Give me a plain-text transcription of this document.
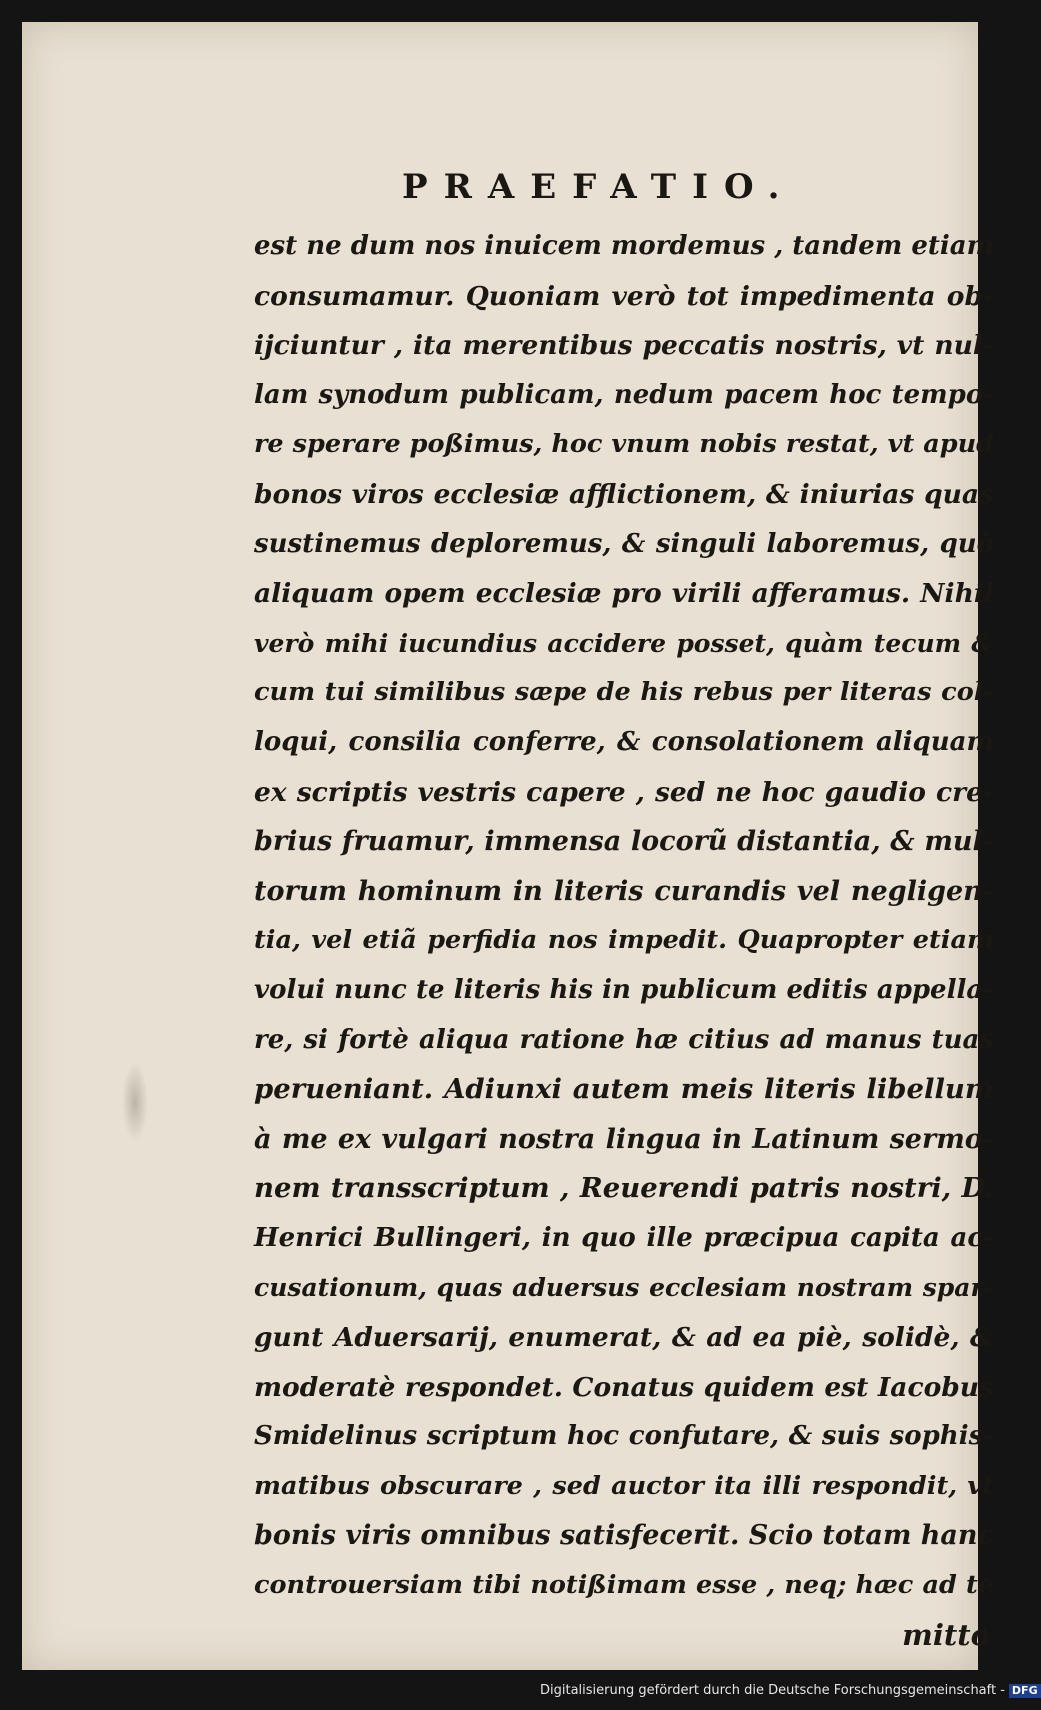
PRAEFATIO.
est ne dum nos inuicem mordemus , tandem etiam
consumamur. Quoniam verò tot impedimenta ob-
ijciuntur , ita merentibus peccatis nostris, vt nul-
lam synodum publicam, nedum pacem hoc tempo-
re sperare poßimus, hoc vnum nobis restat, vt apud
bonos viros ecclesiæ afflictionem, & iniurias quas
sustinemus deploremus, & singuli laboremus, quò
aliquam opem ecclesiæ pro virili afferamus. Nihil
verò mihi iucundius accidere posset, quàm tecum &
cum tui similibus sæpe de his rebus per literas col-
loqui, consilia conferre, & consolationem aliquam
ex scriptis vestris capere , sed ne hoc gaudio cre-
brius fruamur, immensa locorũ distantia, & mul-
torum hominum in literis curandis vel negligen-
tia, vel etiã perfidia nos impedit. Quapropter etiam
volui nunc te literis his in publicum editis appella-
re, si fortè aliqua ratione hæ citius ad manus tuas
perueniant. Adiunxi autem meis literis libellum
à me ex vulgari nostra lingua in Latinum sermo-
nem transscriptum , Reuerendi patris nostri, D.
Henrici Bullingeri, in quo ille præcipua capita ac-
cusationum, quas aduersus ecclesiam nostram spar-
gunt Aduersarij, enumerat, & ad ea piè, solidè, &
moderatè respondet. Conatus quidem est Iacobus
Smidelinus scriptum hoc confutare, & suis sophis-
matibus obscurare , sed auctor ita illi respondit, vt
bonis viris omnibus satisfecerit. Scio totam hanc
controuersiam tibi notißimam esse , neq; hæc ad te
mitto
Digitalisierung gefördert durch die Deutsche Forschungsgemeinschaft - DFG
